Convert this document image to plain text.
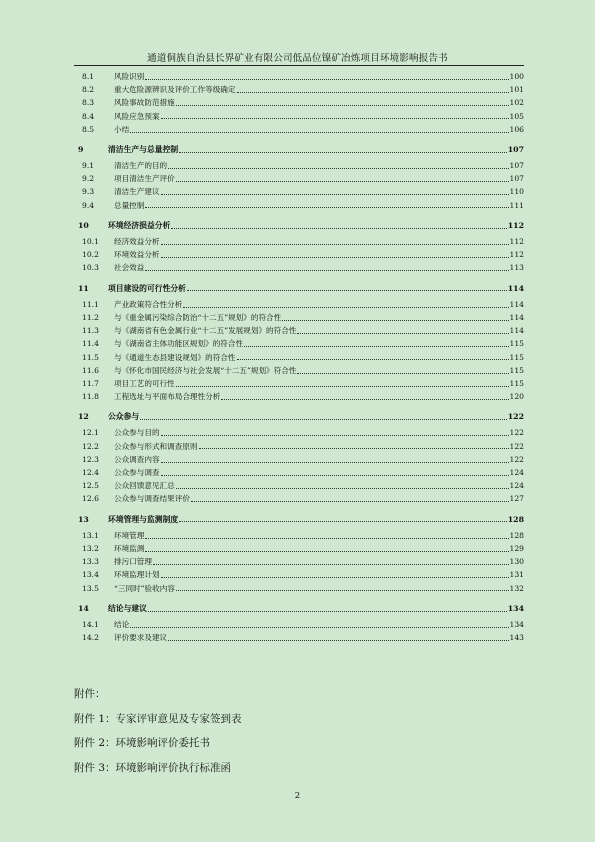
通道侗族自治县长界矿业有限公司低品位镍矿冶炼项目环境影响报告书
8.1	风险识别	100
8.2	重大危险源辨识及评价工作等级确定	101
8.3	风险事故防范措施	102
8.4	风险应急预案	105
8.5	小结	106
9	清洁生产与总量控制	107
9.1	清洁生产的目的	107
9.2	项目清洁生产评价	107
9.3	清洁生产建议	110
9.4	总量控制	111
10	环境经济损益分析	112
10.1	经济效益分析	112
10.2	环境效益分析	112
10.3	社会效益	113
11	项目建设的可行性分析	114
11.1	产业政策符合性分析	114
11.2	与《重金属污染综合防治“十二五”规划》的符合性	114
11.3	与《湖南省有色金属行业“十二五”发展规划》的符合性	114
11.4	与《湖南省主体功能区规划》的符合性	115
11.5	与《通道生态县建设规划》的符合性	115
11.6	与《怀化市国民经济与社会发展“十二五”规划》符合性	115
11.7	项目工艺的可行性	115
11.8	工程选址与平面布局合理性分析	120
12	公众参与	122
12.1	公众参与目的	122
12.2	公众参与形式和调查原则	122
12.3	公众调查内容	122
12.4	公众参与调查	124
12.5	公众回馈意见汇总	124
12.6	公众参与调查结果评价	127
13	环境管理与监测制度	128
13.1	环境管理	128
13.2	环境监测	129
13.3	排污口管理	130
13.4	环境监理计划	131
13.5	“三同时”验收内容	132
14	结论与建议	134
14.1	结论	134
14.2	评价要求及建议	143
附件：
附件 1：专家评审意见及专家签到表
附件 2：环境影响评价委托书
附件 3：环境影响评价执行标准函
2
